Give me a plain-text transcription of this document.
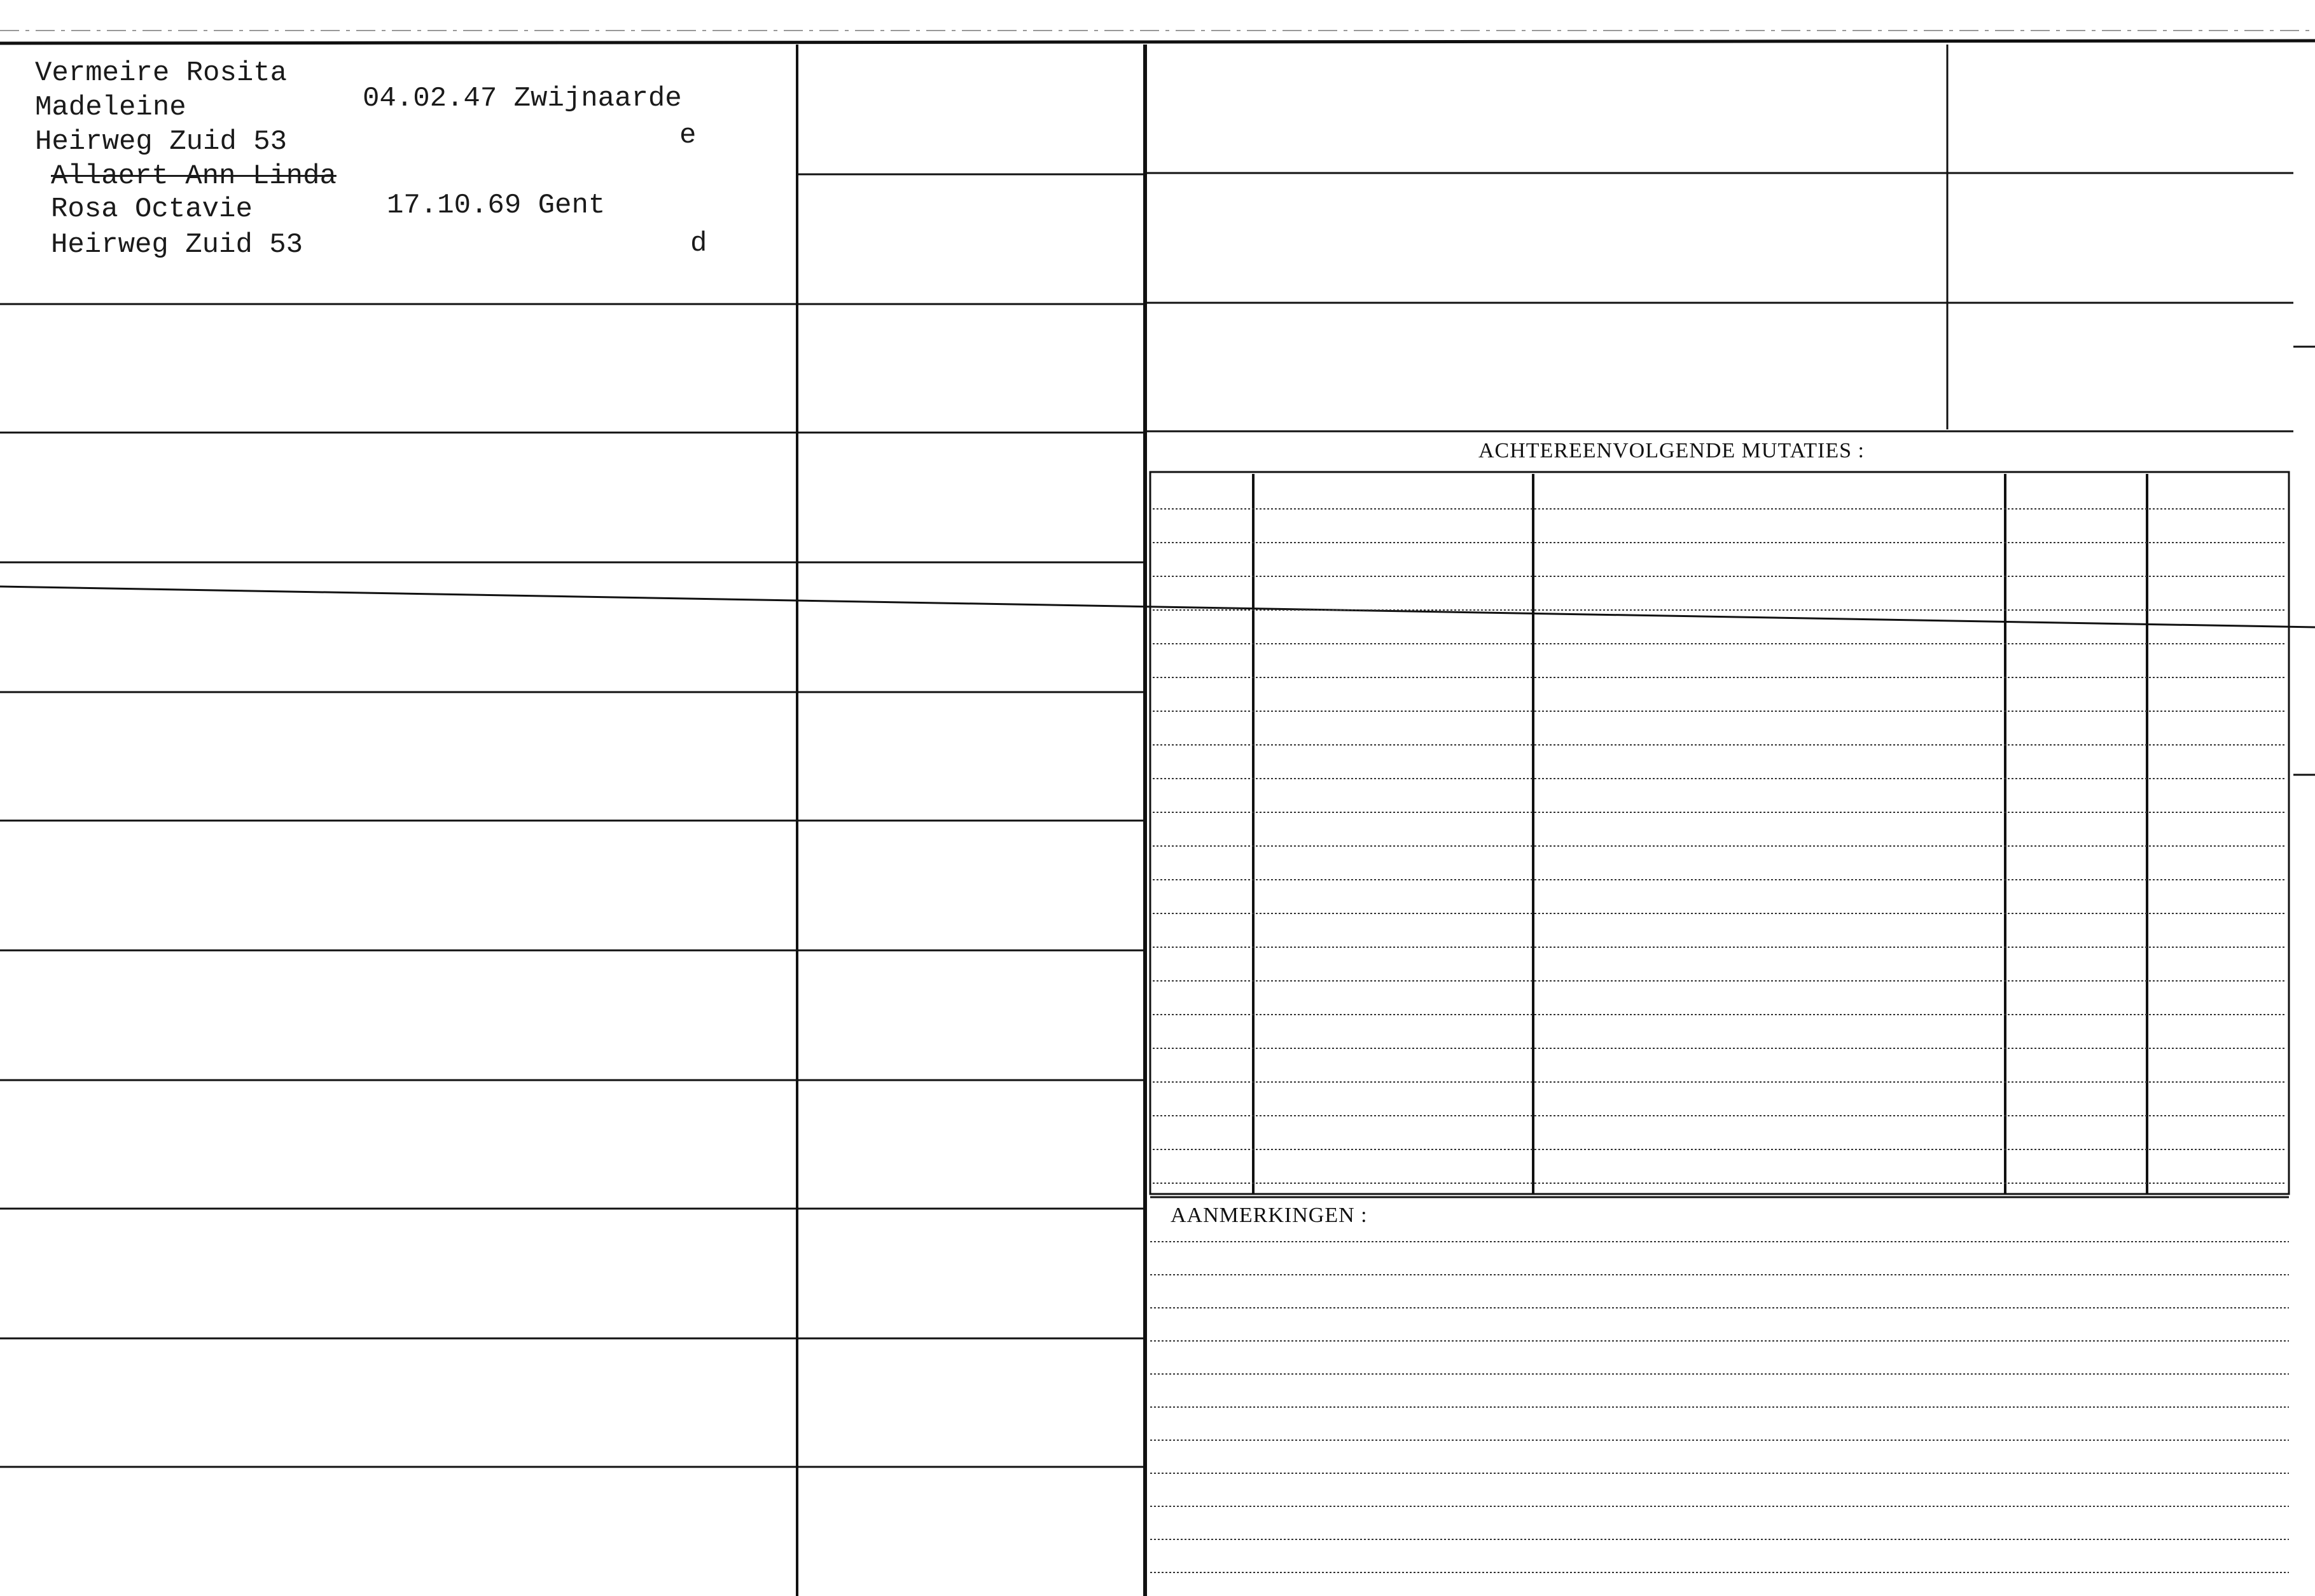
Vermeire Rosita
Madeleine	04.02.47 Zwijnaarde
Heirweg Zuid 53	e
Allaert Ann Linda
Rosa Octavie	17.10.69 Gent
Heirweg Zuid 53	d
ACHTEREENVOLGENDE MUTATIES :
AANMERKINGEN :
